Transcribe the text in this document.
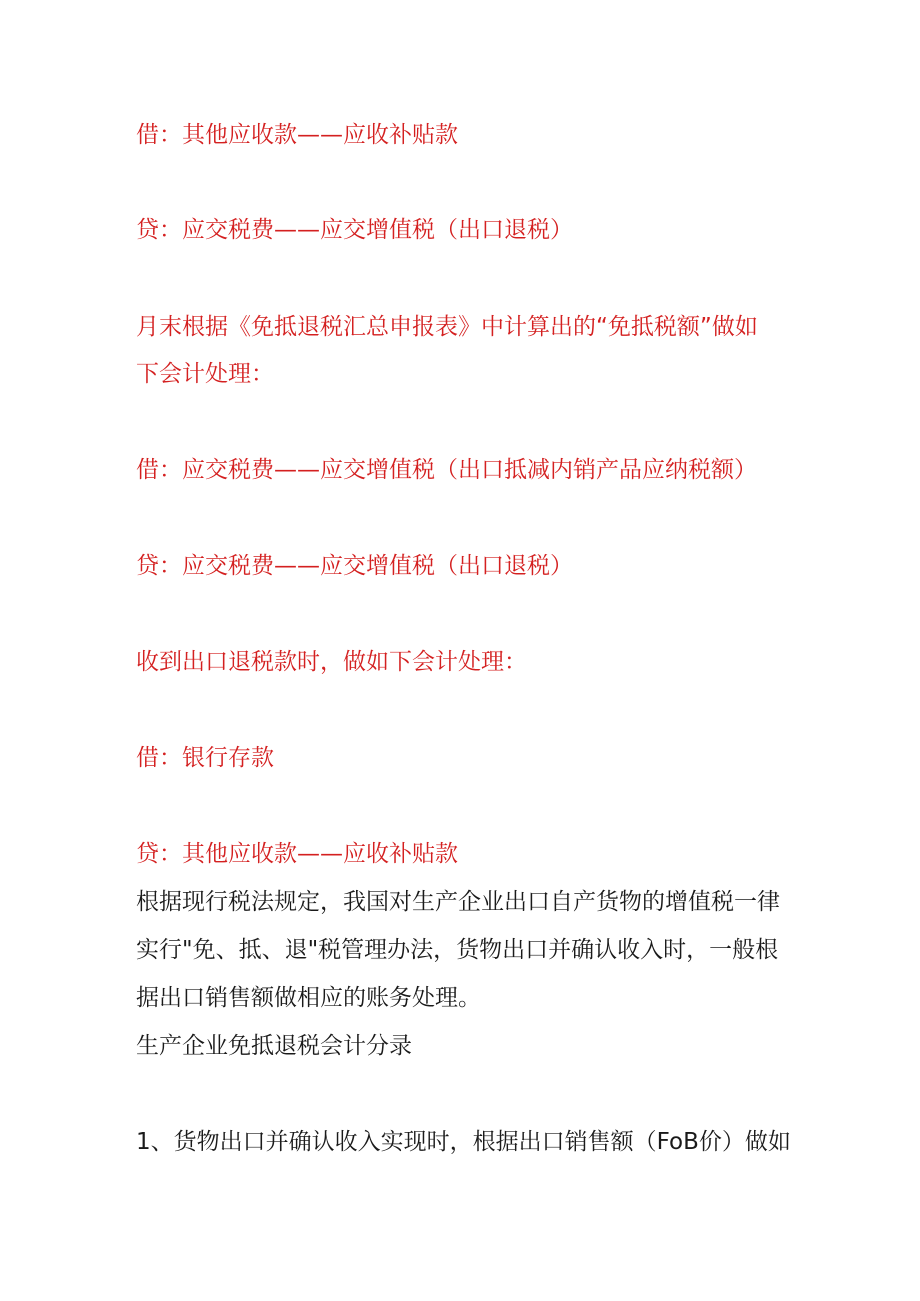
借：其他应收款——应收补贴款
贷：应交税费——应交增值税（出口退税）
月末根据《免抵退税汇总申报表》中计算出的“免抵税额”做如
下会计处理：
借：应交税费——应交增值税（出口抵减内销产品应纳税额）
贷：应交税费——应交增值税（出口退税）
收到出口退税款时，做如下会计处理：
借：银行存款
贷：其他应收款——应收补贴款
根据现行税法规定，我国对生产企业出口自产货物的增值税一律
实行"免、抵、退"税管理办法，货物出口并确认收入时，一般根
据出口销售额做相应的账务处理。
生产企业免抵退税会计分录
1、货物出口并确认收入实现时，根据出口销售额（FoB价）做如
